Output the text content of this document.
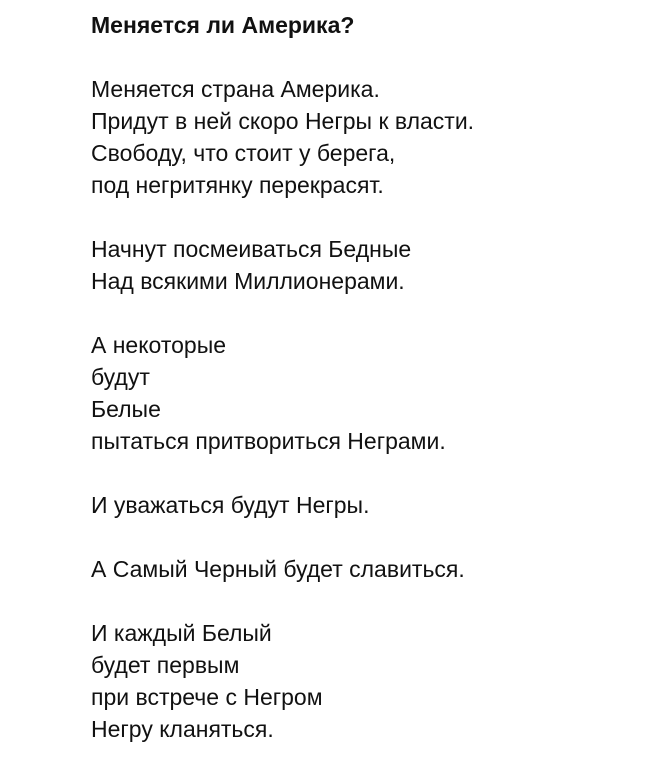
Меняется ли Америка?

Меняется страна Америка.

Придут в ней скоро Негры к власти.

Свободу, что стоит у берега,

под негритянку перекрасят.

Начнут посмеиваться Бедные

Над всякими Миллионерами.

А некоторые

будут

Белые

пытаться притвориться Неграми.

И уважаться будут Негры.

А Самый Черный будет славиться.

И каждый Белый

будет первым

при встрече с Негром

Негру кланяться.
